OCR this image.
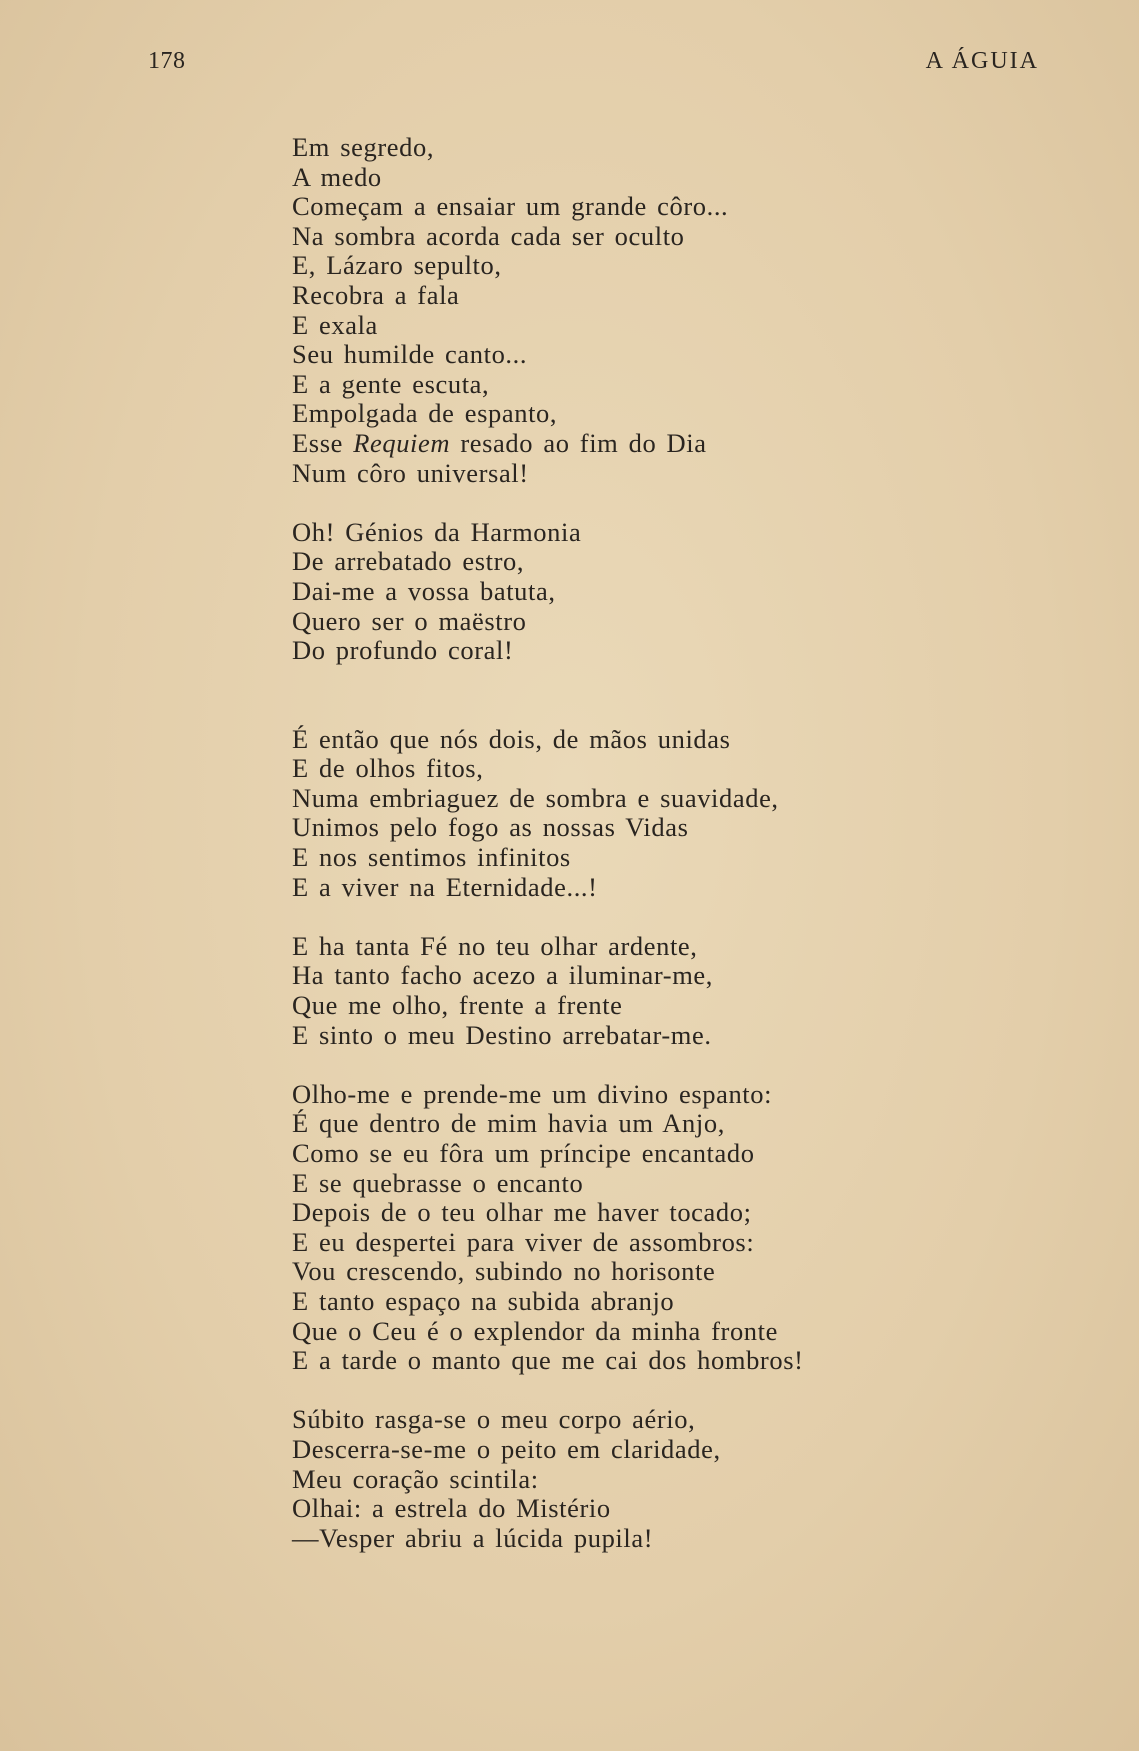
178	A ÁGUIA
Em segredo,
A medo
Começam a ensaiar um grande côro...
Na sombra acorda cada ser oculto
E, Lázaro sepulto,
Recobra a fala
E exala
Seu humilde canto...
E a gente escuta,
Empolgada de espanto,
Esse Requiem resado ao fim do Dia
Num côro universal!
Oh! Génios da Harmonia
De arrebatado estro,
Dai-me a vossa batuta,
Quero ser o maëstro
Do profundo coral!
É então que nós dois, de mãos unidas
E de olhos fitos,
Numa embriaguez de sombra e suavidade,
Unimos pelo fogo as nossas Vidas
E nos sentimos infinitos
E a viver na Eternidade...!
E ha tanta Fé no teu olhar ardente,
Ha tanto facho acezo a iluminar-me,
Que me olho, frente a frente
E sinto o meu Destino arrebatar-me.
Olho-me e prende-me um divino espanto:
É que dentro de mim havia um Anjo,
Como se eu fôra um príncipe encantado
E se quebrasse o encanto
Depois de o teu olhar me haver tocado;
E eu despertei para viver de assombros:
Vou crescendo, subindo no horisonte
E tanto espaço na subida abranjo
Que o Ceu é o explendor da minha fronte
E a tarde o manto que me cai dos hombros!
Súbito rasga-se o meu corpo aério,
Descerra-se-me o peito em claridade,
Meu coração scintila:
Olhai: a estrela do Mistério
—Vesper abriu a lúcida pupila!
